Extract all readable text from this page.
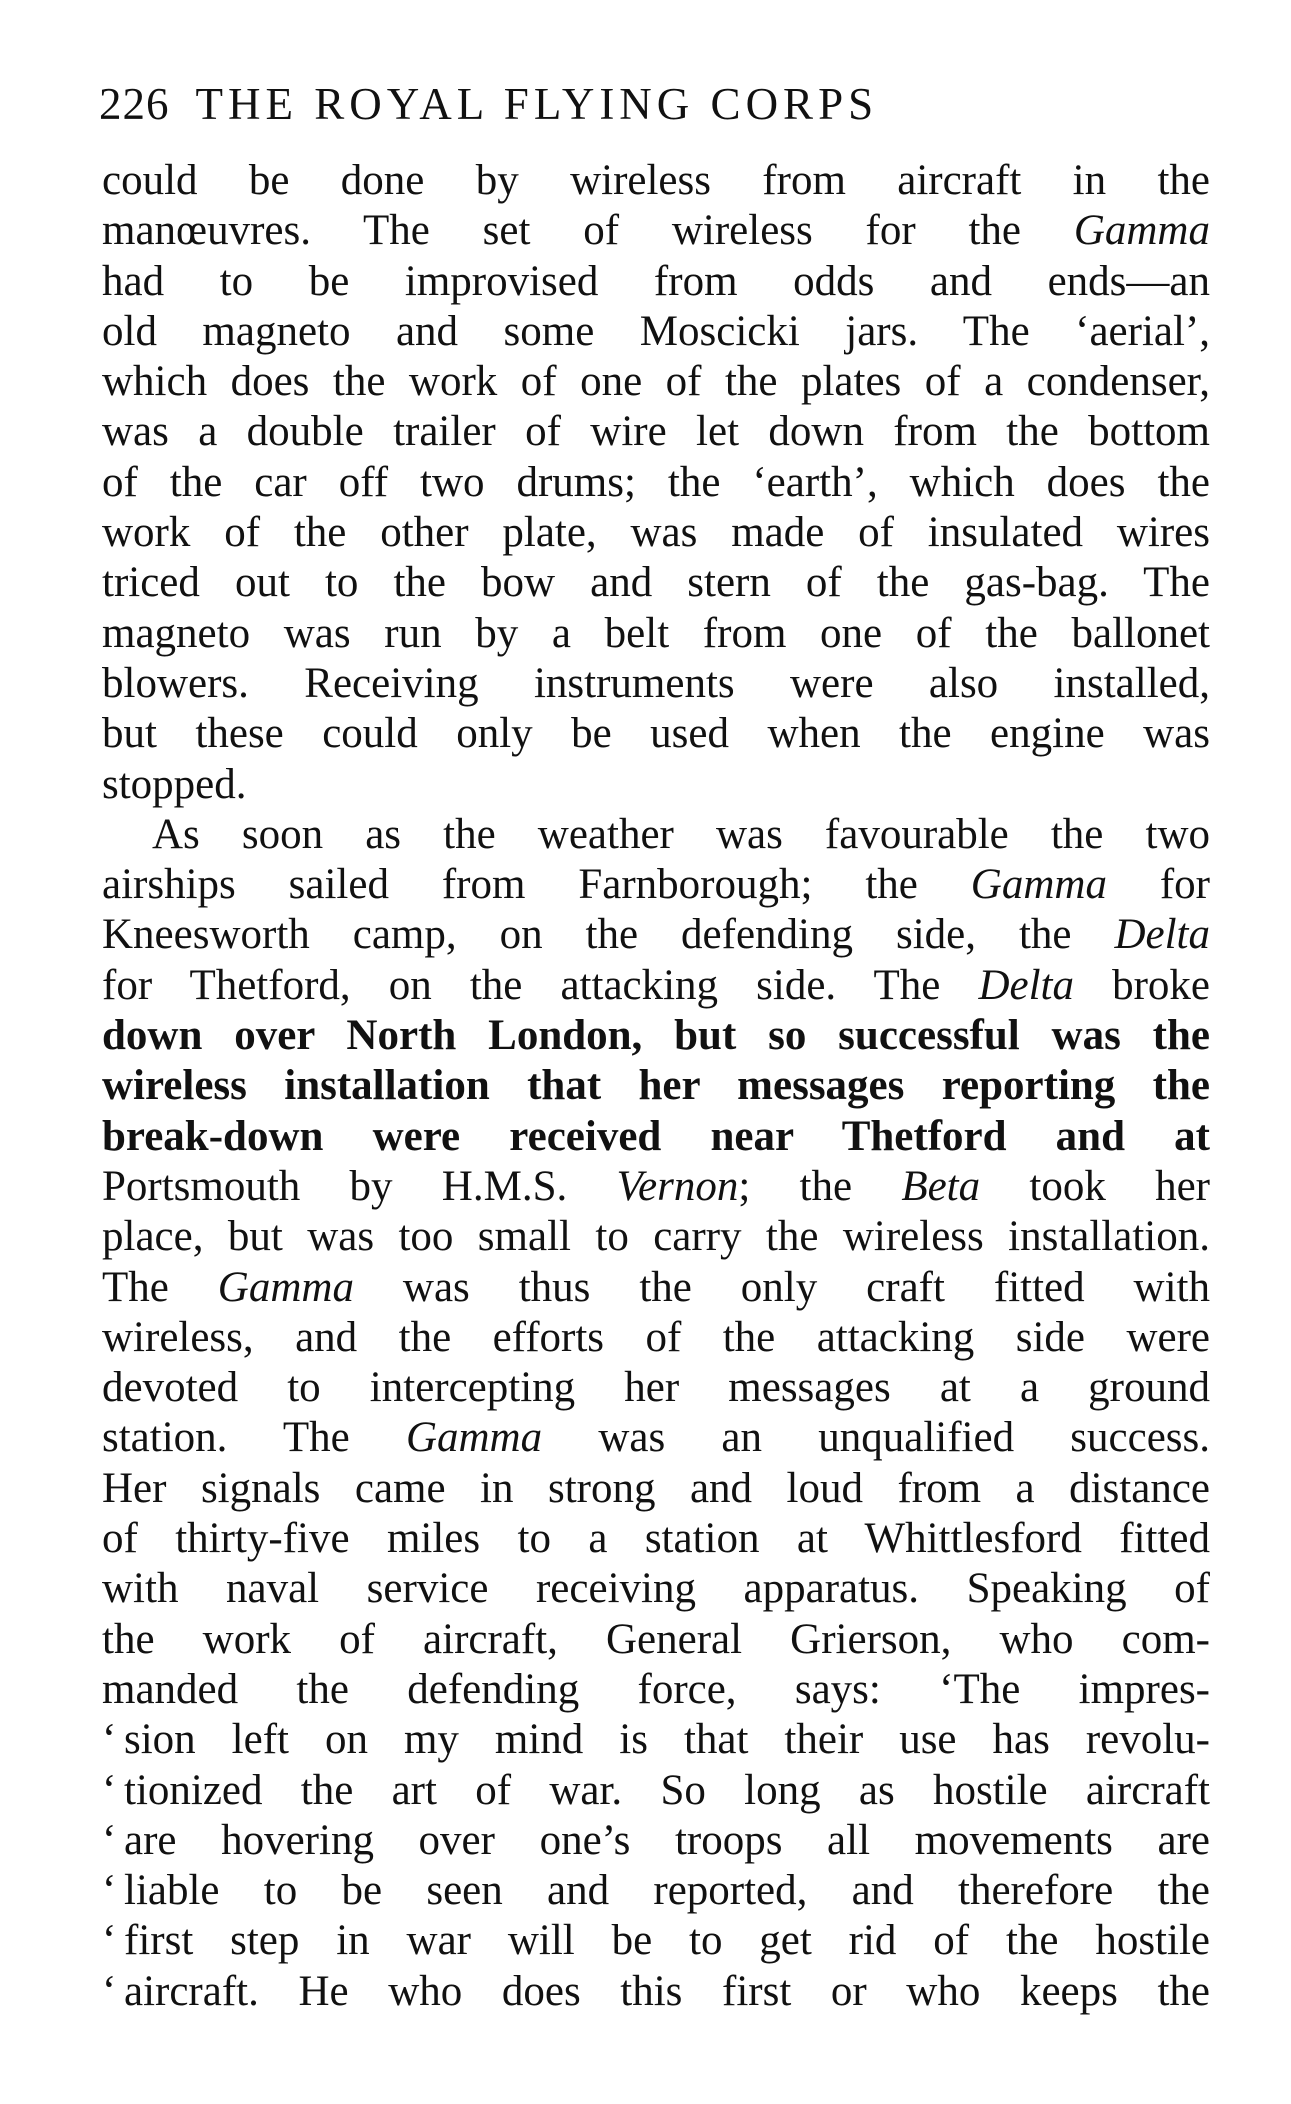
226 THE ROYAL FLYING CORPS
could be done by wireless from aircraft in the
manœuvres. The set of wireless for the Gamma
had to be improvised from odds and ends—an
old magneto and some Moscicki jars. The ‘aerial’,
which does the work of one of the plates of a condenser,
was a double trailer of wire let down from the bottom
of the car off two drums; the ‘earth’, which does the
work of the other plate, was made of insulated wires
triced out to the bow and stern of the gas-bag. The
magneto was run by a belt from one of the ballonet
blowers. Receiving instruments were also installed,
but these could only be used when the engine was
stopped.
As soon as the weather was favourable the two
airships sailed from Farnborough; the Gamma for
Kneesworth camp, on the defending side, the Delta
for Thetford, on the attacking side. The Delta broke
down over North London, but so successful was the
wireless installation that her messages reporting the
break-down were received near Thetford and at
Portsmouth by H.M.S. Vernon; the Beta took her
place, but was too small to carry the wireless installation.
The Gamma was thus the only craft fitted with
wireless, and the efforts of the attacking side were
devoted to intercepting her messages at a ground
station. The Gamma was an unqualified success.
Her signals came in strong and loud from a distance
of thirty-five miles to a station at Whittlesford fitted
with naval service receiving apparatus. Speaking of
the work of aircraft, General Grierson, who com-
manded the defending force, says: ‘The impres-
‘ sion left on my mind is that their use has revolu-
‘ tionized the art of war. So long as hostile aircraft
‘ are hovering over one’s troops all movements are
‘ liable to be seen and reported, and therefore the
‘ first step in war will be to get rid of the hostile
‘ aircraft. He who does this first or who keeps the
